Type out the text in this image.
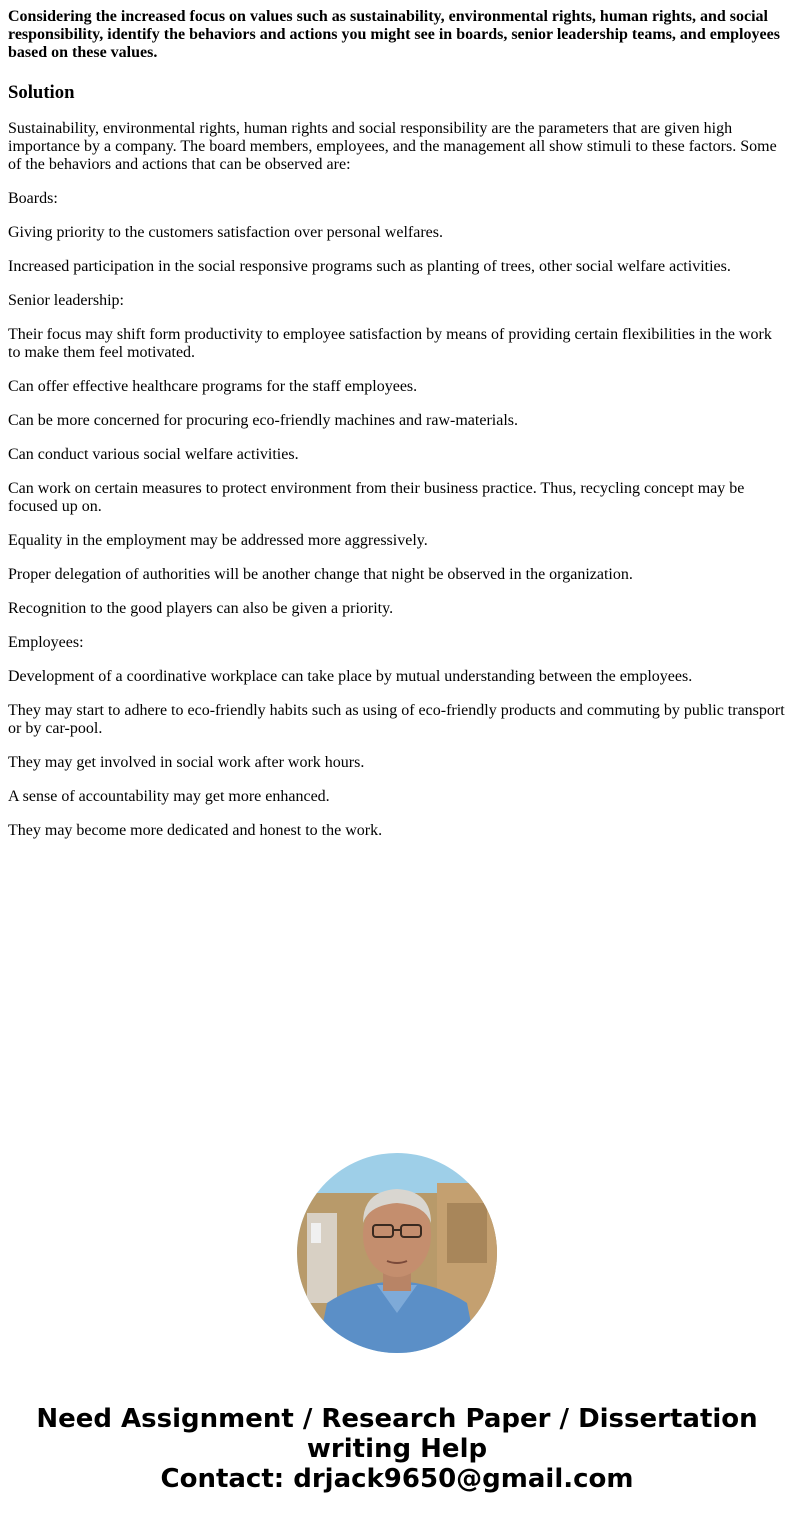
Considering the increased focus on values such as sustainability, environmental rights, human rights, and social responsibility, identify the behaviors and actions you might see in boards, senior leadership teams, and employees based on these values.

Solution

Sustainability, environmental rights, human rights and social responsibility are the parameters that are given high importance by a company. The board members, employees, and the management all show stimuli to these factors. Some of the behaviors and actions that can be observed are:

Boards:

Giving priority to the customers satisfaction over personal welfares.

Increased participation in the social responsive programs such as planting of trees, other social welfare activities.

Senior leadership:

Their focus may shift form productivity to employee satisfaction by means of providing certain flexibilities in the work to make them feel motivated.

Can offer effective healthcare programs for the staff employees.

Can be more concerned for procuring eco-friendly machines and raw-materials.

Can conduct various social welfare activities.

Can work on certain measures to protect environment from their business practice. Thus, recycling concept may be focused up on.

Equality in the employment may be addressed more aggressively.

Proper delegation of authorities will be another change that night be observed in the organization.

Recognition to the good players can also be given a priority.

Employees:

Development of a coordinative workplace can take place by mutual understanding between the employees.

They may start to adhere to eco-friendly habits such as using of eco-friendly products and commuting by public transport or by car-pool.

They may get involved in social work after work hours.

A sense of accountability may get more enhanced.

They may become more dedicated and honest to the work.

Need Assignment / Research Paper / Dissertation
writing Help
Contact: drjack9650@gmail.com
